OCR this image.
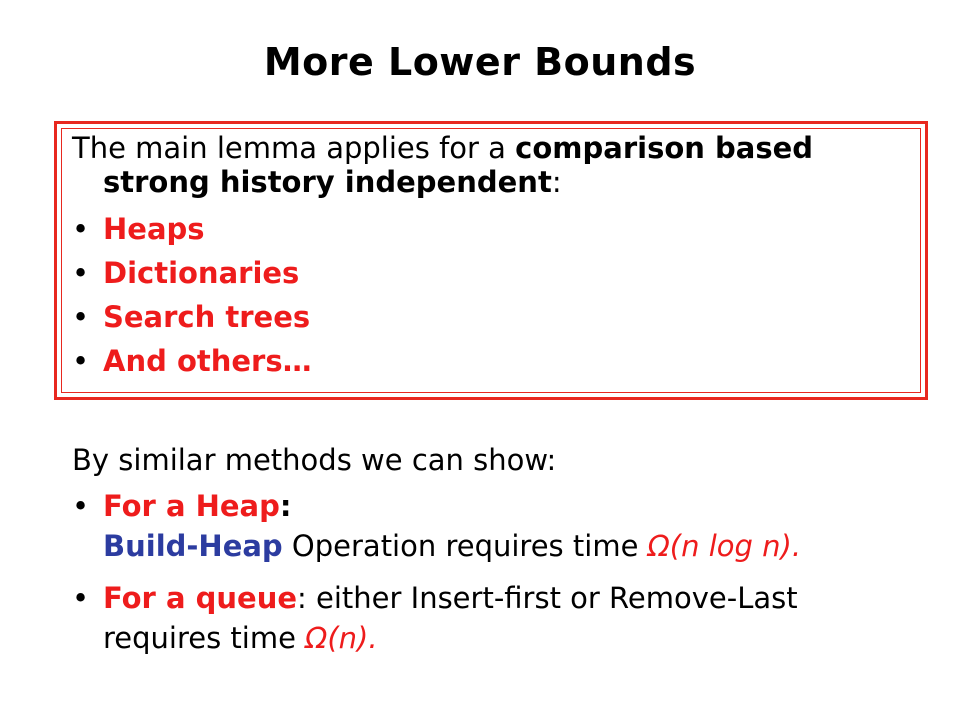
More Lower Bounds
The main lemma applies for a comparison based
strong history independent:
• Heaps
• Dictionaries
• Search trees
• And others…
By similar methods we can show:
• For a Heap:
Build-Heap Operation requires time Ω(n log n).
• For a queue: either Insert-first or Remove-Last
requires time Ω(n).
